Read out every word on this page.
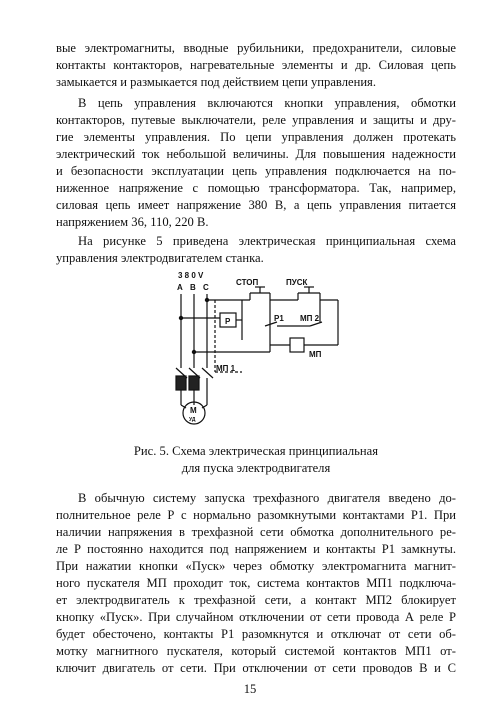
вые электромагниты, вводные рубильники, предохранители, силовые
контакты контакторов, нагревательные элементы и др. Силовая цепь
замыкается и размыкается под действием цепи управления.
В цепь управления включаются кнопки управления, обмотки
контакторов, путевые выключатели, реле управления и защиты и дру-
гие элементы управления. По цепи управления должен протекать
электрический ток небольшой величины. Для повышения надежности
и безопасности эксплуатации цепь управления подключается на по-
ниженное напряжение с помощью трансформатора. Так, например,
силовая цепь имеет напряжение 380 В, а цепь управления питается
напряжением 36, 110, 220 В.
На рисунке 5 приведена электрическая принципиальная схема
управления электродвигателем станка.
3 8 0 V
A B C
СТОП	ПУСК
Р	Р1 МП 2
МП
МП 1
М
УД
Рис. 5. Схема электрическая принципиальная
для пуска электродвигателя
В обычную систему запуска трехфазного двигателя введено до-
полнительное реле Р с нормально разомкнутыми контактами Р1. При
наличии напряжения в трехфазной сети обмотка дополнительного ре-
ле Р постоянно находится под напряжением и контакты Р1 замкнуты.
При нажатии кнопки «Пуск» через обмотку электромагнита магнит-
ного пускателя МП проходит ток, система контактов МП1 подключа-
ет электродвигатель к трехфазной сети, а контакт МП2 блокирует
кнопку «Пуск». При случайном отключении от сети провода А реле Р
будет обесточено, контакты Р1 разомкнутся и отключат от сети об-
мотку магнитного пускателя, который системой контактов МП1 от-
ключит двигатель от сети. При отключении от сети проводов В и С
15
